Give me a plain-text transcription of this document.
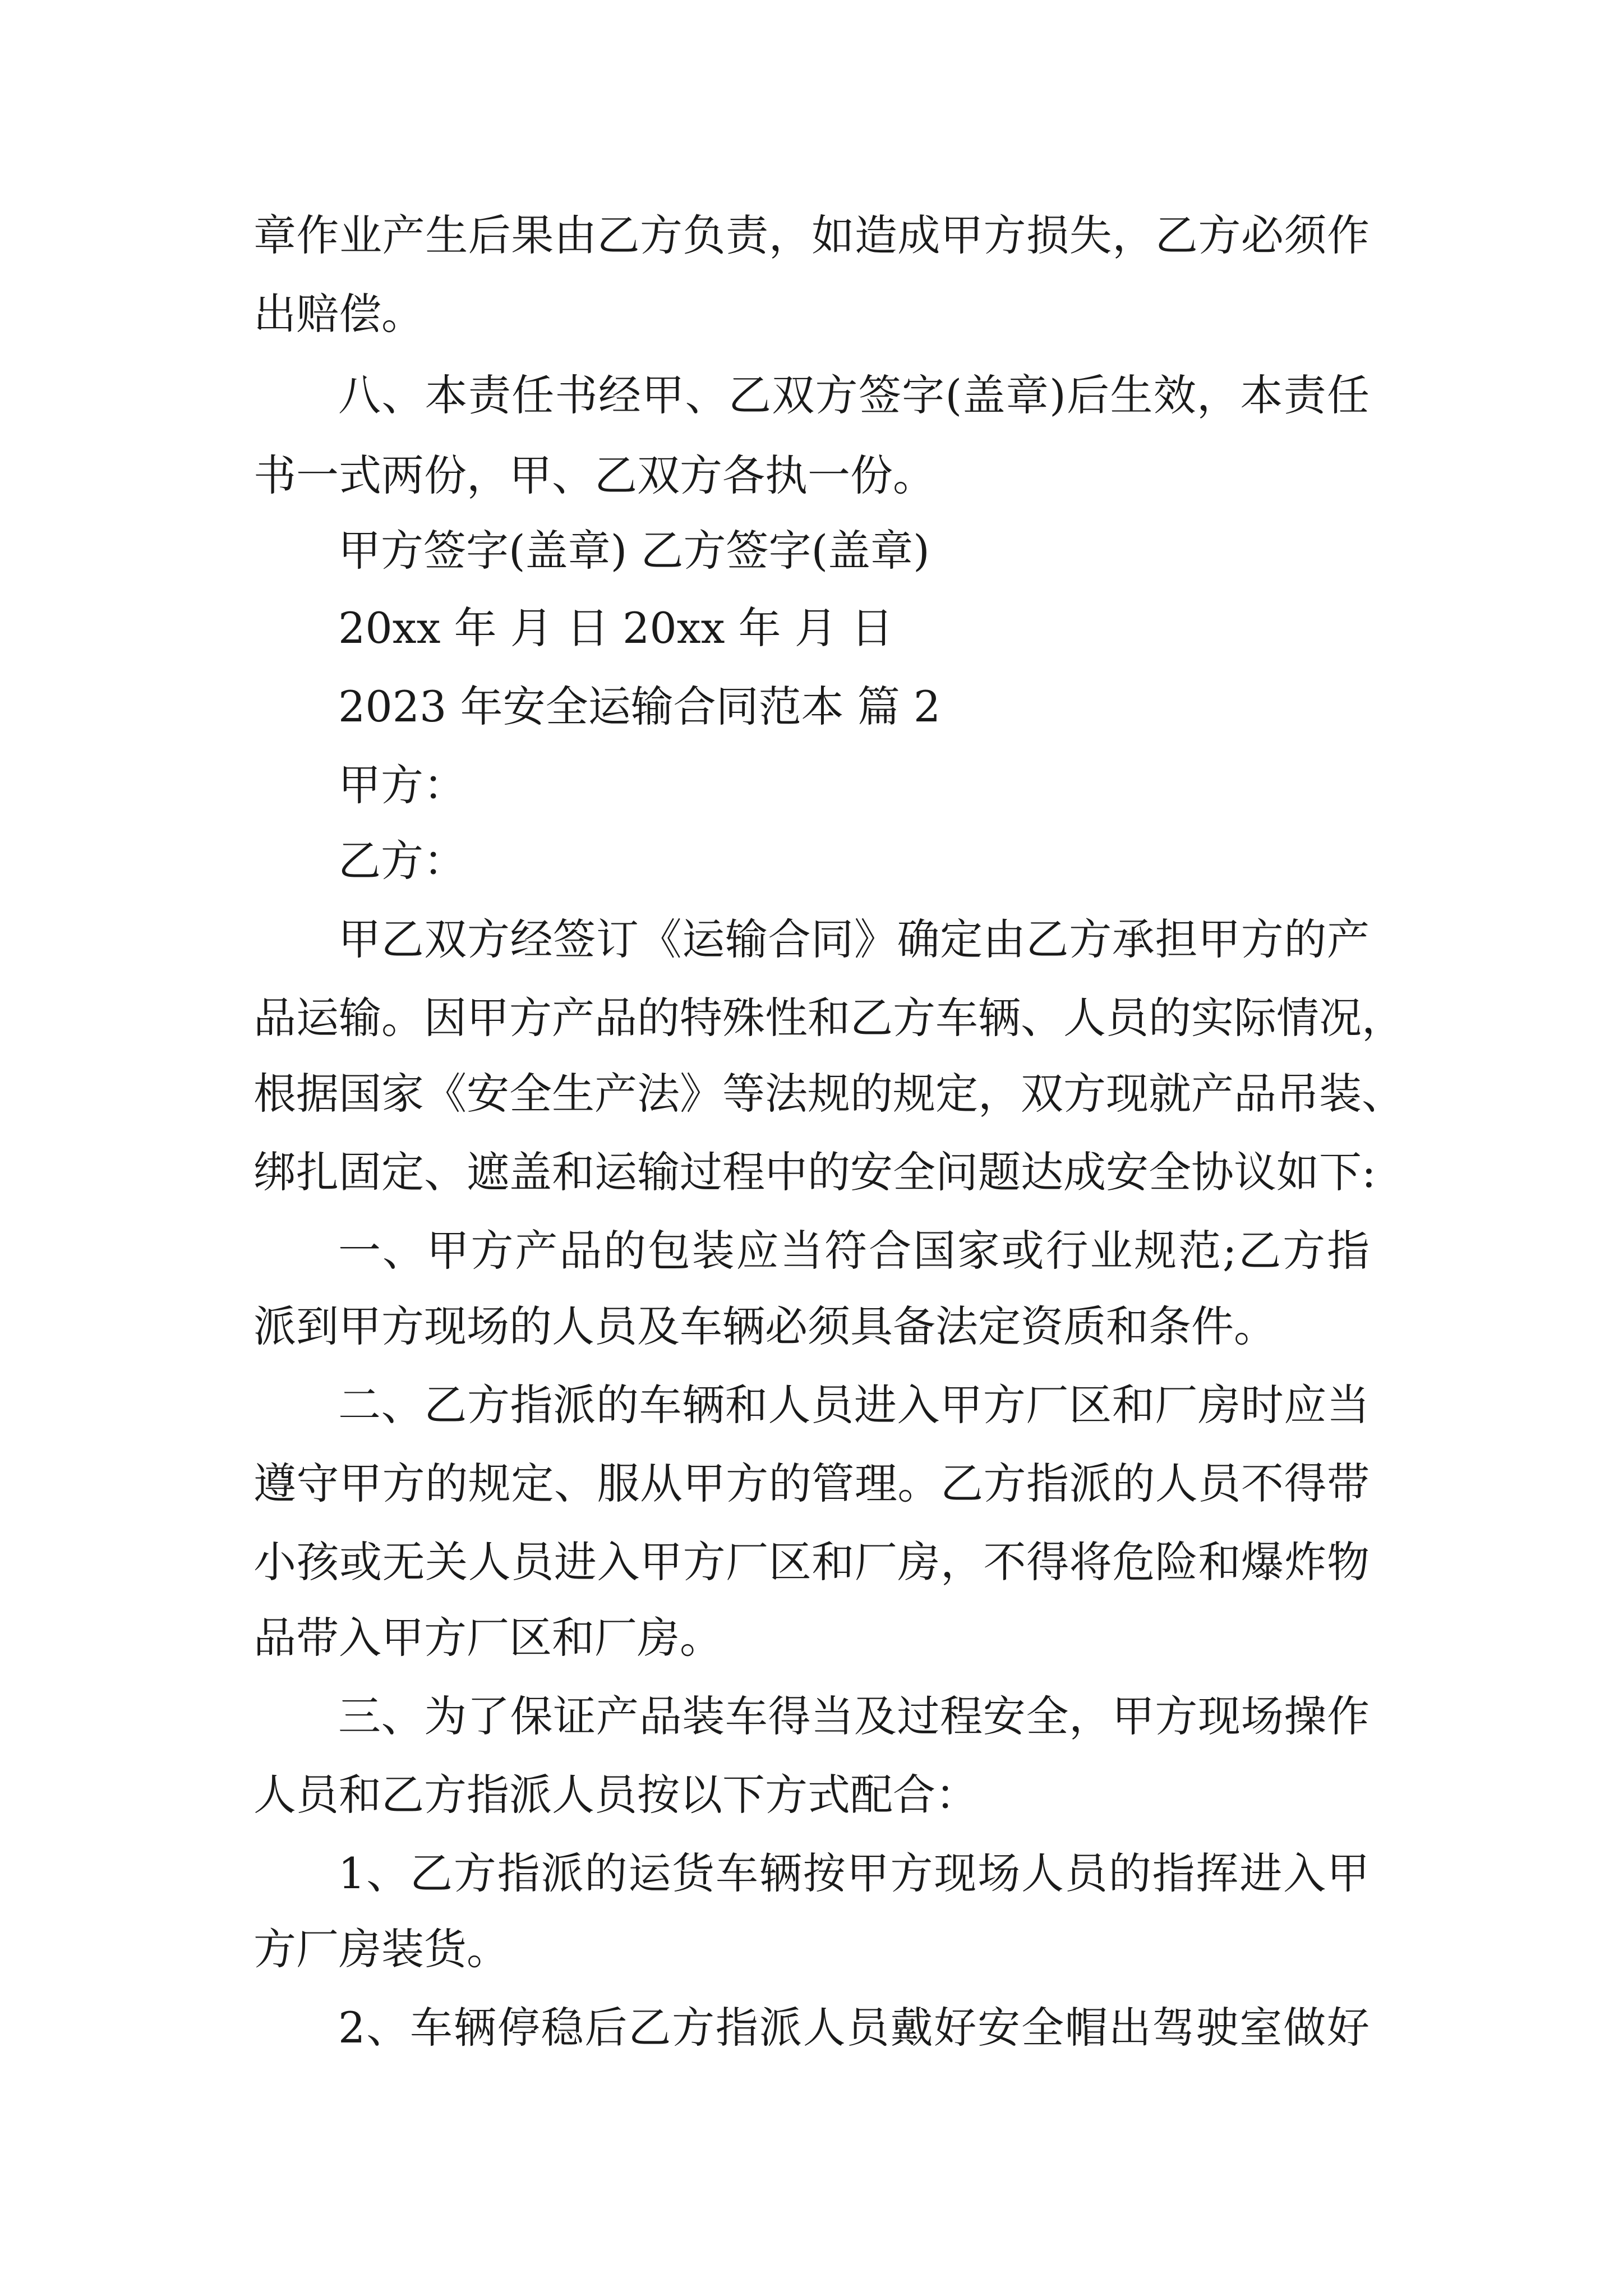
章作业产生后果由乙方负责，如造成甲方损失，乙方必须作

出赔偿。

八、本责任书经甲、乙双方签字(盖章)后生效，本责任

书一式两份，甲、乙双方各执一份。

甲方签字(盖章) 乙方签字(盖章)

20xx 年 月 日 20xx 年 月 日

2023 年安全运输合同范本 篇 2

甲方：

乙方：

甲乙双方经签订《运输合同》确定由乙方承担甲方的产

品运输。因甲方产品的特殊性和乙方车辆、人员的实际情况，

根据国家《安全生产法》等法规的规定，双方现就产品吊装、

绑扎固定、遮盖和运输过程中的安全问题达成安全协议如下:

一、甲方产品的包装应当符合国家或行业规范;乙方指

派到甲方现场的人员及车辆必须具备法定资质和条件。

二、乙方指派的车辆和人员进入甲方厂区和厂房时应当

遵守甲方的规定、服从甲方的管理。乙方指派的人员不得带

小孩或无关人员进入甲方厂区和厂房，不得将危险和爆炸物

品带入甲方厂区和厂房。

三、为了保证产品装车得当及过程安全，甲方现场操作

人员和乙方指派人员按以下方式配合：

1、乙方指派的运货车辆按甲方现场人员的指挥进入甲

方厂房装货。

2、车辆停稳后乙方指派人员戴好安全帽出驾驶室做好
